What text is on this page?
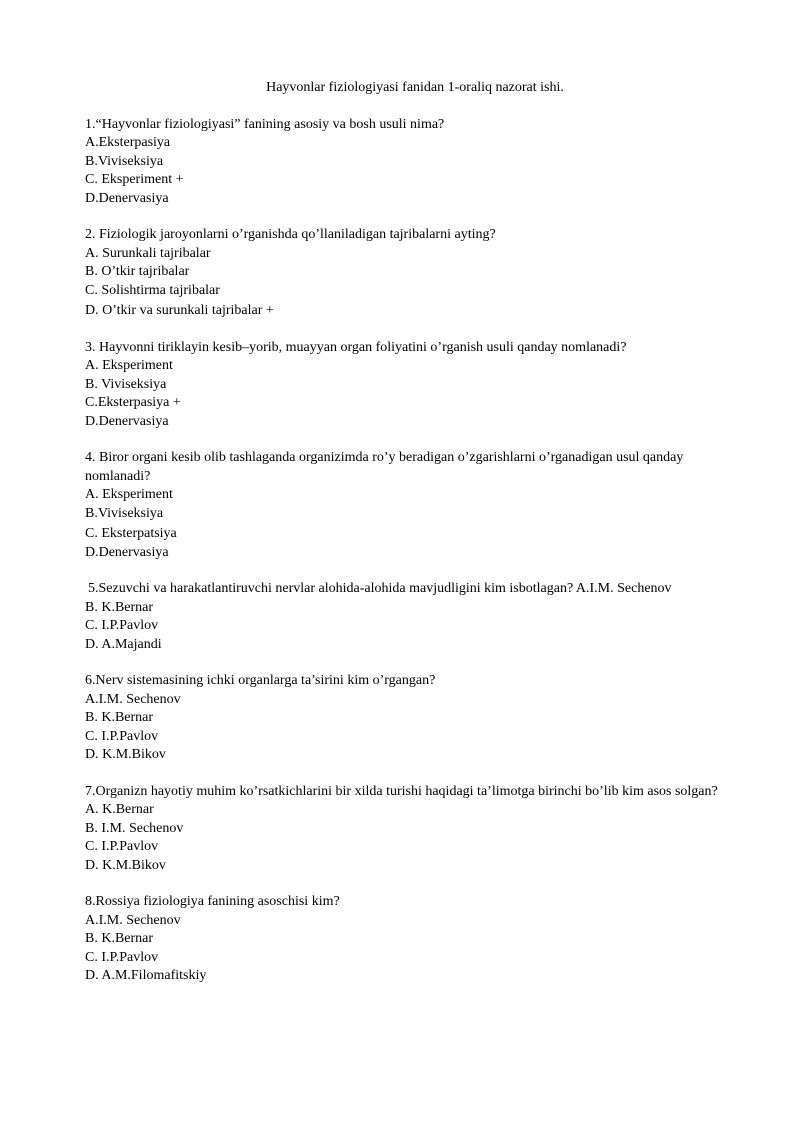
Hayvonlar fiziologiyasi fanidan 1-oraliq nazorat ishi.

1.“Hayvonlar fiziologiyasi” fanining asosiy va bosh usuli nima?

A.Eksterpasiya

B.Viviseksiya

C. Eksperiment +

D.Denervasiya

2. Fiziologik jaroyonlarni o’rganishda qo’llaniladigan tajribalarni ayting?

A. Surunkali tajribalar

B. O’tkir tajribalar

C. Solishtirma tajribalar

D. O’tkir va surunkali tajribalar +

3. Hayvonni tiriklayin kesib–yorib, muayyan organ foliyatini o’rganish usuli qanday nomlanadi?

A. Eksperiment

B. Viviseksiya

C.Eksterpasiya +

D.Denervasiya

4. Biror organi kesib olib tashlaganda organizimda ro’y beradigan o’zgarishlarni o’rganadigan usul qanday nomlanadi?

A. Eksperiment

B.Viviseksiya

C. Eksterpatsiya

D.Denervasiya

5.Sezuvchi va harakatlantiruvchi nervlar alohida-alohida mavjudligini kim isbotlagan? A.I.M. Sechenov

B. K.Bernar

C. I.P.Pavlov

D. A.Majandi

6.Nerv sistemasining ichki organlarga ta’sirini kim o’rgangan?

A.I.M. Sechenov

B. K.Bernar

C. I.P.Pavlov

D. K.M.Bikov

7.Organizn hayotiy muhim ko’rsatkichlarini bir xilda turishi haqidagi ta’limotga birinchi bo’lib kim asos solgan?

A. K.Bernar

B. I.M. Sechenov

C. I.P.Pavlov

D. K.M.Bikov

8.Rossiya fiziologiya fanining asoschisi kim?

A.I.M. Sechenov

B. K.Bernar

C. I.P.Pavlov

D. A.M.Filomafitskiy
